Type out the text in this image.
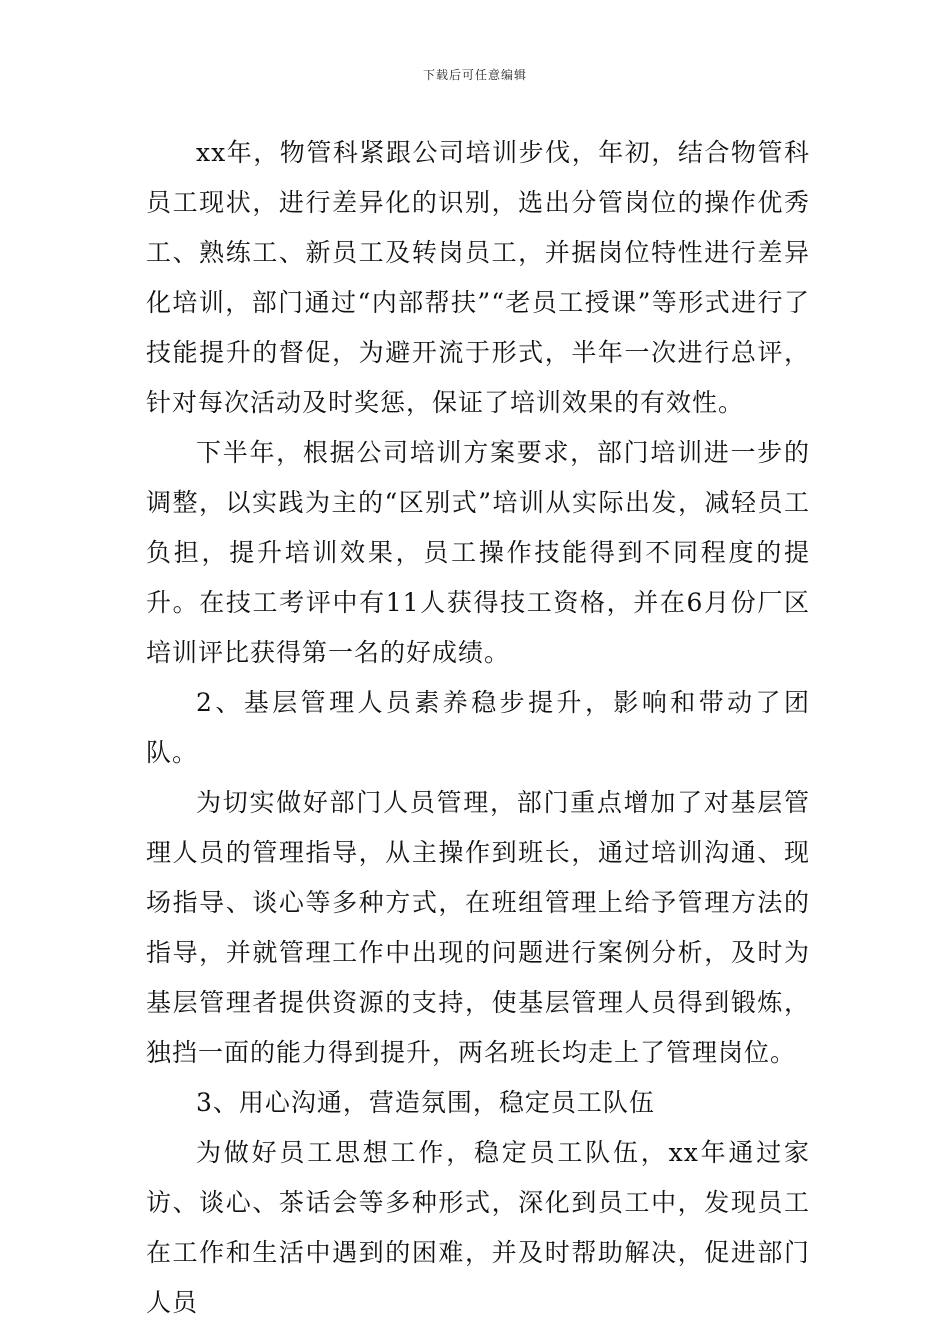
下载后可任意编辑

xx年，物管科紧跟公司培训步伐，年初，结合物管科员工现状，进行差异化的识别，选出分管岗位的操作优秀工、熟练工、新员工及转岗员工，并据岗位特性进行差异化培训，部门通过“内部帮扶”“老员工授课”等形式进行了技能提升的督促，为避开流于形式，半年一次进行总评，针对每次活动及时奖惩，保证了培训效果的有效性。

下半年，根据公司培训方案要求，部门培训进一步的调整，以实践为主的“区别式”培训从实际出发，减轻员工负担，提升培训效果，员工操作技能得到不同程度的提升。在技工考评中有11人获得技工资格，并在6月份厂区培训评比获得第一名的好成绩。

2、基层管理人员素养稳步提升，影响和带动了团队。

为切实做好部门人员管理，部门重点增加了对基层管理人员的管理指导，从主操作到班长，通过培训沟通、现场指导、谈心等多种方式，在班组管理上给予管理方法的指导，并就管理工作中出现的问题进行案例分析，及时为基层管理者提供资源的支持，使基层管理人员得到锻炼，独挡一面的能力得到提升，两名班长均走上了管理岗位。

3、用心沟通，营造氛围，稳定员工队伍

为做好员工思想工作，稳定员工队伍，xx年通过家访、谈心、茶话会等多种形式，深化到员工中，发现员工在工作和生活中遇到的困难，并及时帮助解决，促进部门人员
